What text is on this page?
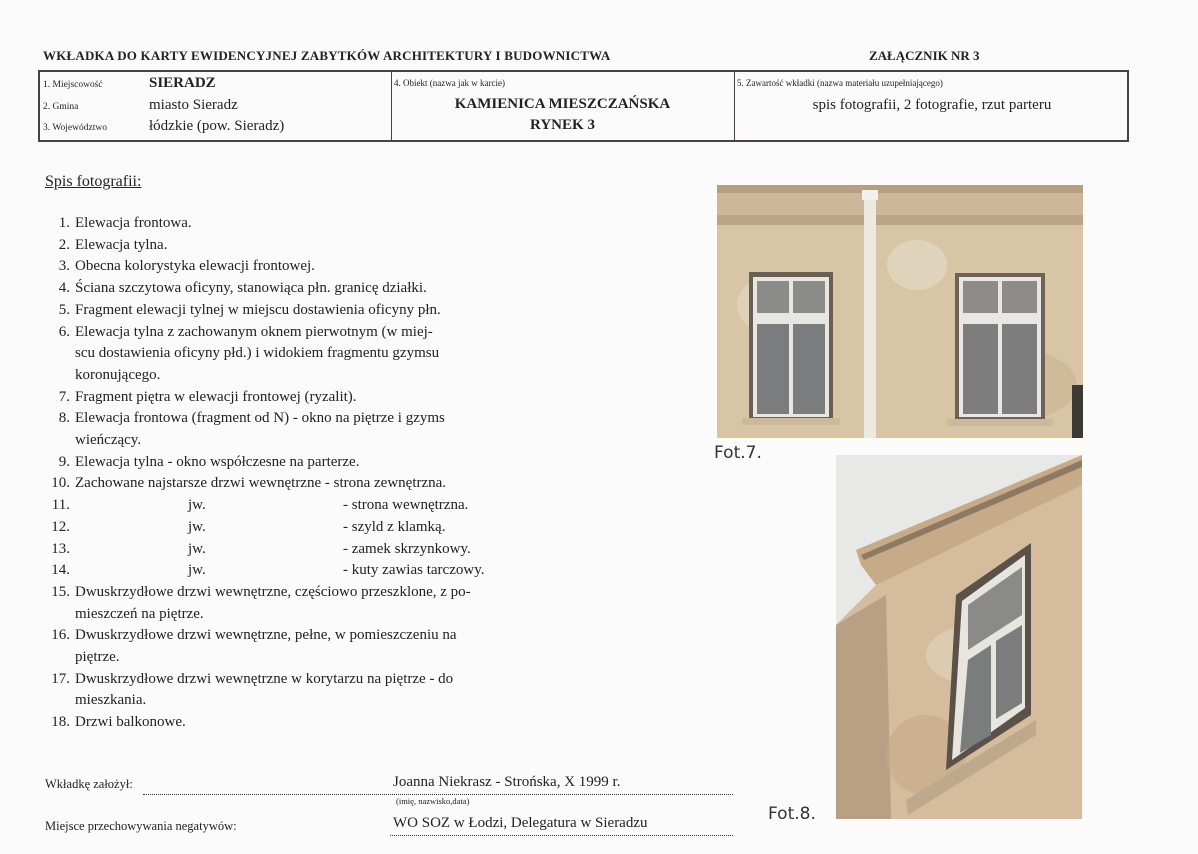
WKŁADKA DO KARTY EWIDENCYJNEJ ZABYTKÓW ARCHITEKTURY I BUDOWNICTWA	ZAŁĄCZNIK NR 3
1. Miejscowość	SIERADZ
2. Gmina	miasto Sieradz
3. Województwo	łódzkie (pow. Sieradz)
4. Obiekt (nazwa jak w karcie)
KAMIENICA MIESZCZAŃSKA
RYNEK 3
5. Zawartość wkładki (nazwa materiału uzupełniającego)
spis fotografii, 2 fotografie, rzut parteru
Spis fotografii:
1. Elewacja frontowa.
2. Elewacja tylna.
3. Obecna kolorystyka elewacji frontowej.
4. Ściana szczytowa oficyny, stanowiąca płn. granicę działki.
5. Fragment elewacji tylnej w miejscu dostawienia oficyny płn.
6. Elewacja tylna z zachowanym oknem pierwotnym (w miej-
scu dostawienia oficyny płd.) i widokiem fragmentu gzymsu
koronującego.
7. Fragment piętra w elewacji frontowej (ryzalit).
8. Elewacja frontowa (fragment od N) - okno na piętrze i gzyms
wieńczący.
9. Elewacja tylna - okno współczesne na parterze.
10. Zachowane najstarsze drzwi wewnętrzne - strona zewnętrzna.
11.	jw.	- strona wewnętrzna.
12.	jw.	- szyld z klamką.
13.	jw.	- zamek skrzynkowy.
14.	jw.	- kuty zawias tarczowy.
15. Dwuskrzydłowe drzwi wewnętrzne, częściowo przeszklone, z po-
mieszczeń na piętrze.
16. Dwuskrzydłowe drzwi wewnętrzne, pełne, w pomieszczeniu na
piętrze.
17. Dwuskrzydłowe drzwi wewnętrzne w korytarzu na piętrze - do
mieszkania.
18. Drzwi balkonowe.
Wkładkę założył:	Joanna Niekrasz - Strońska, X 1999 r.
(imię, nazwisko,data)
Miejsce przechowywania negatywów:	WO SOZ w Łodzi, Delegatura w Sieradzu
Fot.7.
Fot.8.
